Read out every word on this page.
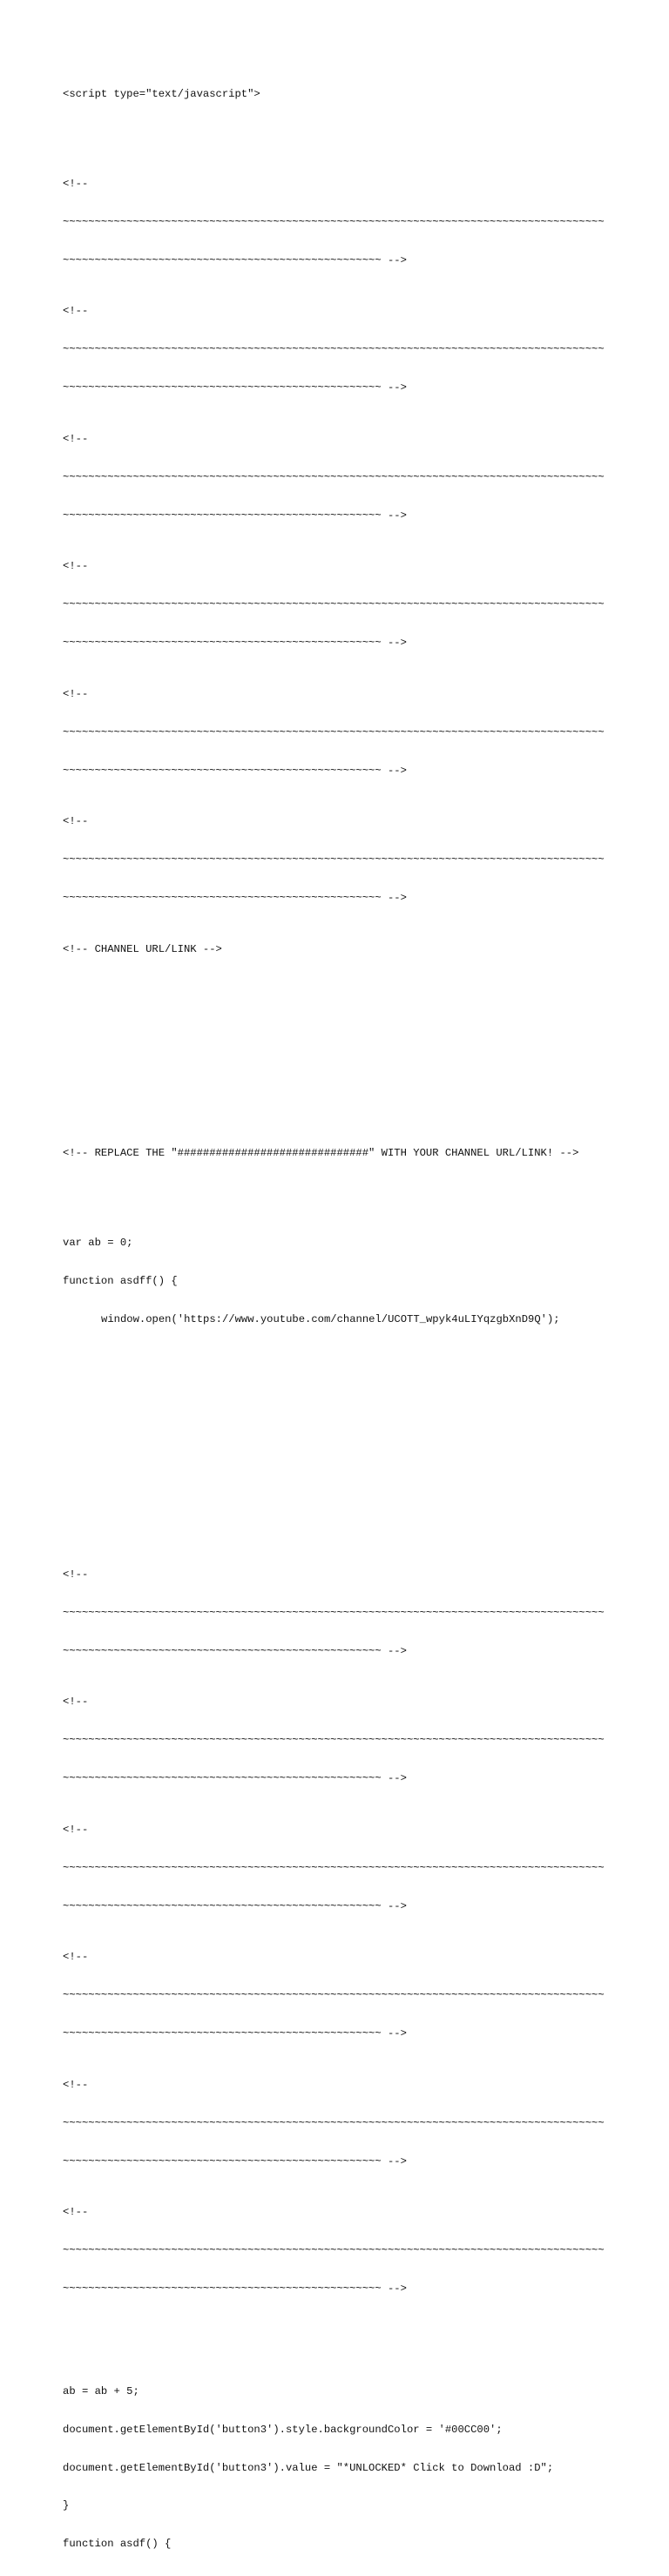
<script type="text/javascript">

<!--

~~~~~~~~~~~~~~~~~~~~~~~~~~~~~~~~~~~~~~~~~~~~~~~~~~~~~~~~~~~~~~~~~~~~~~~~~~~~~~~~~~~~~

~~~~~~~~~~~~~~~~~~~~~~~~~~~~~~~~~~~~~~~~~~~~~~~~~~ -->

<!--

~~~~~~~~~~~~~~~~~~~~~~~~~~~~~~~~~~~~~~~~~~~~~~~~~~~~~~~~~~~~~~~~~~~~~~~~~~~~~~~~~~~~~

~~~~~~~~~~~~~~~~~~~~~~~~~~~~~~~~~~~~~~~~~~~~~~~~~~ -->

<!--

~~~~~~~~~~~~~~~~~~~~~~~~~~~~~~~~~~~~~~~~~~~~~~~~~~~~~~~~~~~~~~~~~~~~~~~~~~~~~~~~~~~~~

~~~~~~~~~~~~~~~~~~~~~~~~~~~~~~~~~~~~~~~~~~~~~~~~~~ -->

<!--

~~~~~~~~~~~~~~~~~~~~~~~~~~~~~~~~~~~~~~~~~~~~~~~~~~~~~~~~~~~~~~~~~~~~~~~~~~~~~~~~~~~~~

~~~~~~~~~~~~~~~~~~~~~~~~~~~~~~~~~~~~~~~~~~~~~~~~~~ -->

<!--

~~~~~~~~~~~~~~~~~~~~~~~~~~~~~~~~~~~~~~~~~~~~~~~~~~~~~~~~~~~~~~~~~~~~~~~~~~~~~~~~~~~~~

~~~~~~~~~~~~~~~~~~~~~~~~~~~~~~~~~~~~~~~~~~~~~~~~~~ -->

<!--

~~~~~~~~~~~~~~~~~~~~~~~~~~~~~~~~~~~~~~~~~~~~~~~~~~~~~~~~~~~~~~~~~~~~~~~~~~~~~~~~~~~~~

~~~~~~~~~~~~~~~~~~~~~~~~~~~~~~~~~~~~~~~~~~~~~~~~~~ -->

<!-- CHANNEL URL/LINK -->

<!-- REPLACE THE "##############################" WITH YOUR CHANNEL URL/LINK! -->

var ab = 0;

function asdff() {

window.open('https://www.youtube.com/channel/UCOTT_wpyk4uLIYqzgbXnD9Q');

<!--

~~~~~~~~~~~~~~~~~~~~~~~~~~~~~~~~~~~~~~~~~~~~~~~~~~~~~~~~~~~~~~~~~~~~~~~~~~~~~~~~~~~~~

~~~~~~~~~~~~~~~~~~~~~~~~~~~~~~~~~~~~~~~~~~~~~~~~~~ -->

<!--

~~~~~~~~~~~~~~~~~~~~~~~~~~~~~~~~~~~~~~~~~~~~~~~~~~~~~~~~~~~~~~~~~~~~~~~~~~~~~~~~~~~~~

~~~~~~~~~~~~~~~~~~~~~~~~~~~~~~~~~~~~~~~~~~~~~~~~~~ -->

<!--

~~~~~~~~~~~~~~~~~~~~~~~~~~~~~~~~~~~~~~~~~~~~~~~~~~~~~~~~~~~~~~~~~~~~~~~~~~~~~~~~~~~~~

~~~~~~~~~~~~~~~~~~~~~~~~~~~~~~~~~~~~~~~~~~~~~~~~~~ -->

<!--

~~~~~~~~~~~~~~~~~~~~~~~~~~~~~~~~~~~~~~~~~~~~~~~~~~~~~~~~~~~~~~~~~~~~~~~~~~~~~~~~~~~~~

~~~~~~~~~~~~~~~~~~~~~~~~~~~~~~~~~~~~~~~~~~~~~~~~~~ -->

<!--

~~~~~~~~~~~~~~~~~~~~~~~~~~~~~~~~~~~~~~~~~~~~~~~~~~~~~~~~~~~~~~~~~~~~~~~~~~~~~~~~~~~~~

~~~~~~~~~~~~~~~~~~~~~~~~~~~~~~~~~~~~~~~~~~~~~~~~~~ -->

<!--

~~~~~~~~~~~~~~~~~~~~~~~~~~~~~~~~~~~~~~~~~~~~~~~~~~~~~~~~~~~~~~~~~~~~~~~~~~~~~~~~~~~~~

~~~~~~~~~~~~~~~~~~~~~~~~~~~~~~~~~~~~~~~~~~~~~~~~~~ -->

ab = ab + 5;

document.getElementById('button3').style.backgroundColor = '#00CC00';

document.getElementById('button3').value = "*UNLOCKED* Click to Download :D";

}

function asdf() {
